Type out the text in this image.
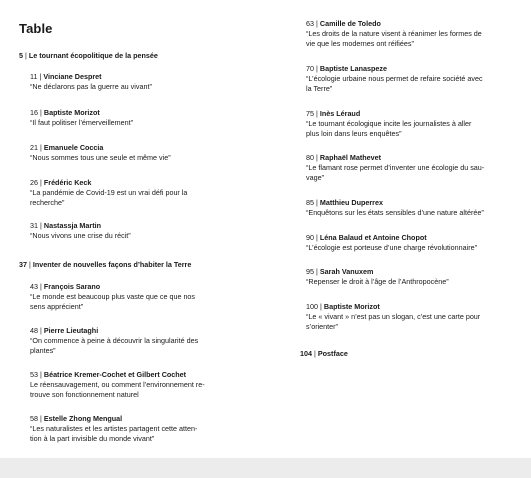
Table
5 | Le tournant écopolitique de la pensée
37 | Inventer de nouvelles façons d’habiter la Terre
11 | Vinciane Despret
“Ne déclarons pas la guerre au vivant”
16 | Baptiste Morizot
“Il faut politiser l’émerveillement”
21 | Emanuele Coccia
“Nous sommes tous une seule et même vie”
26 | Frédéric Keck
“La pandémie de Covid-19 est un vrai défi pour la
recherche”
31 | Nastassja Martin
“Nous vivons une crise du récit”
43 | François Sarano
“Le monde est beaucoup plus vaste que ce que nos
sens apprécient”
48 | Pierre Lieutaghi
“On commence à peine à découvrir la singularité des
plantes”
53 | Béatrice Kremer-Cochet et Gilbert Cochet
Le réensauvagement, ou comment l’environnement re-
trouve son fonctionnement naturel
58 | Estelle Zhong Mengual
“Les naturalistes et les artistes partagent cette atten-
tion à la part invisible du monde vivant”
63 | Camille de Toledo
“Les droits de la nature visent à réanimer les formes de
vie que les modernes ont réifiées”
70 | Baptiste Lanaspeze
“L’écologie urbaine nous permet de refaire société avec
la Terre”
75 | Inès Léraud
“Le tournant écologique incite les journalistes à aller
plus loin dans leurs enquêtes”
80 | Raphaël Mathevet
“Le flamant rose permet d’inventer une écologie du sau-
vage”
85 | Matthieu Duperrex
“Enquêtons sur les états sensibles d’une nature altérée”
90 | Léna Balaud et Antoine Chopot
“L’écologie est porteuse d’une charge révolutionnaire”
95 | Sarah Vanuxem
“Repenser le droit à l’âge de l’Anthropocène”
100 | Baptiste Morizot
“Le « vivant » n’est pas un slogan, c’est une carte pour
s’orienter”
104 | Postface
